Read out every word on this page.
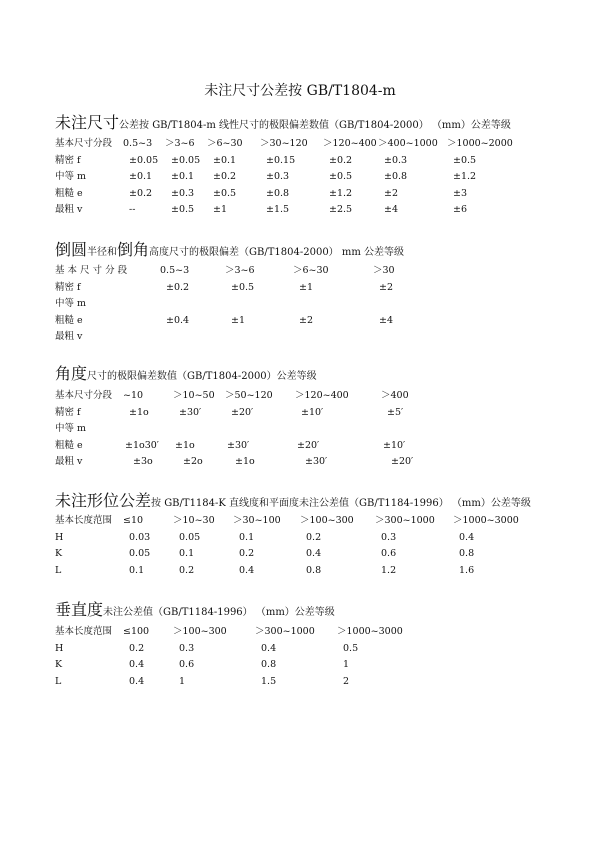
未注尺寸公差按 GB/T1804-m
未注尺寸公差按 GB/T1804-m 线性尺寸的极限偏差数值（GB/T1804-2000） （mm）公差等级
基本尺寸分段 0.5~3 ＞3~6 ＞6~30 ＞30~120 ＞120~400 ＞400~1000 ＞1000~2000
精密 f	±0.05 ±0.05 ±0.1	±0.15	±0.2	±0.3	±0.5
中等 m	±0.1 ±0.1 ±0.2	±0.3	±0.5	±0.8	±1.2
粗糙 e	±0.2 ±0.3 ±0.5	±0.8	±1.2	±2	±3
最粗 v	--	±0.5 ±1	±1.5	±2.5	±4	±6
倒圆半径和倒角高度尺寸的极限偏差（GB/T1804-2000） mm 公差等级
基 本 尺 寸 分 段	0.5~3	＞3~6	＞6~30	＞30
精密 f	±0.2	±0.5	±1	±2
中等 m
粗糙 e	±0.4	±1	±2	±4
最粗 v
角度尺寸的极限偏差数值（GB/T1804-2000）公差等级
基本尺寸分段 ~10	＞10~50 ＞50~120 ＞120~400	＞400
精密 f	±1o	±30′	±20′	±10′	±5′
中等 m
粗糙 e	±1o30′ ±1o	±30′	±20′	±10′
最粗 v	±3o	±2o	±1o	±30′	±20′
未注形位公差按 GB/T1184-K 直线度和平面度未注公差值（GB/T1184-1996） （mm）公差等级
基本长度范围 ≤10	＞10~30 ＞30~100 ＞100~300 ＞300~1000 ＞1000~3000
H	0.03	0.05	0.1	0.2	0.3	0.4
K	0.05	0.1	0.2	0.4	0.6	0.8
L	0.1	0.2	0.4	0.8	1.2	1.6
垂直度未注公差值（GB/T1184-1996） （mm）公差等级
基本长度范围 ≤100	＞100~300	＞300~1000 ＞1000~3000
H	0.2	0.3	0.4	0.5
K	0.4	0.6	0.8	1
L	0.4	1	1.5	2
